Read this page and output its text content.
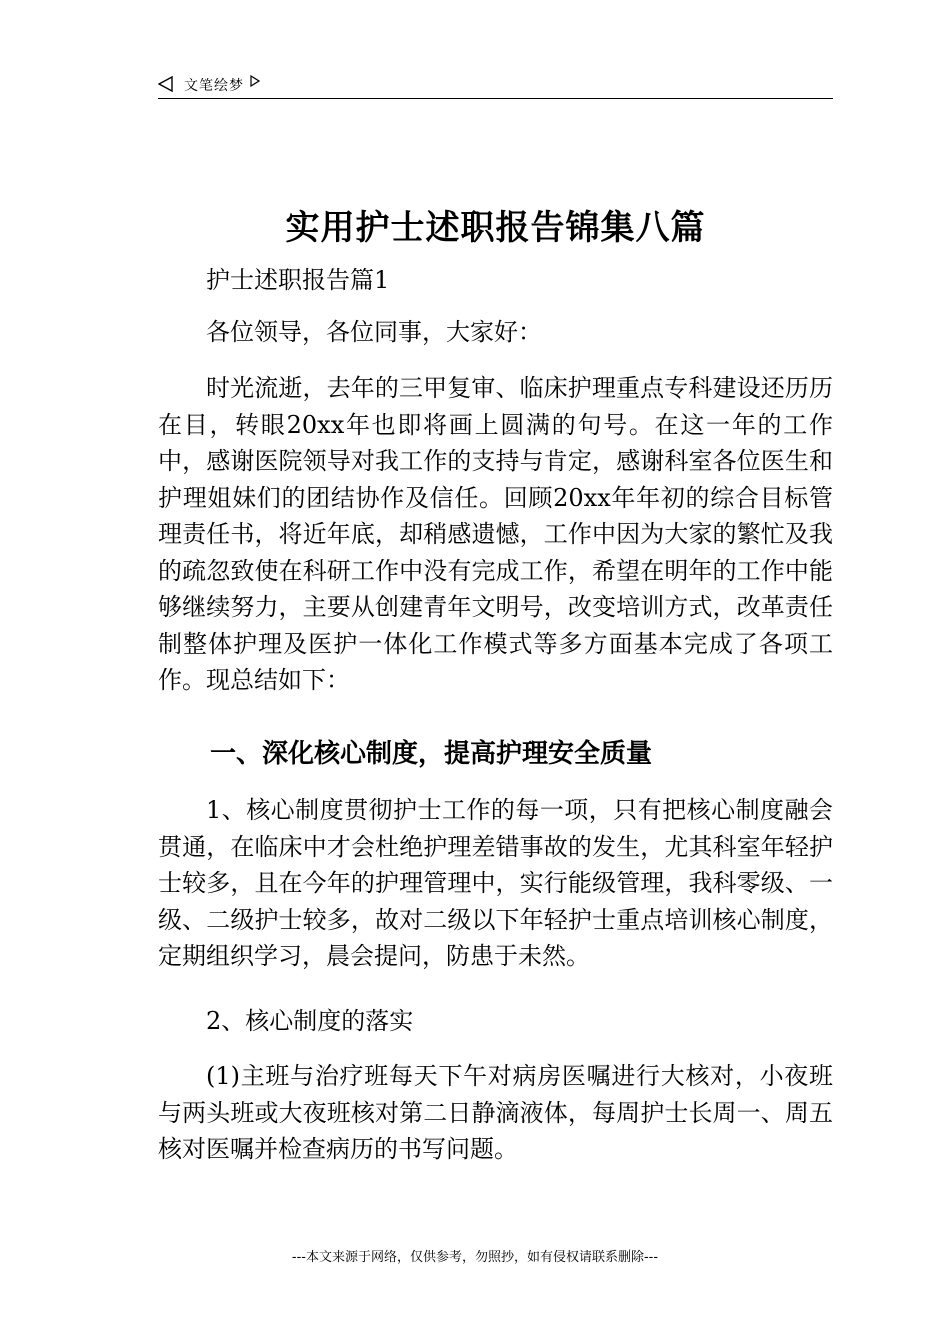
文笔绘梦
实用护士述职报告锦集八篇

护士述职报告篇1

各位领导，各位同事，大家好：

时光流逝，去年的三甲复审、临床护理重点专科建设还历历在目，转眼20xx年也即将画上圆满的句号。在这一年的工作中，感谢医院领导对我工作的支持与肯定，感谢科室各位医生和护理姐妹们的团结协作及信任。回顾20xx年年初的综合目标管理责任书，将近年底，却稍感遗憾，工作中因为大家的繁忙及我的疏忽致使在科研工作中没有完成工作，希望在明年的工作中能够继续努力，主要从创建青年文明号，改变培训方式，改革责任制整体护理及医护一体化工作模式等多方面基本完成了各项工作。现总结如下：

一、深化核心制度，提高护理安全质量

1、核心制度贯彻护士工作的每一项，只有把核心制度融会贯通，在临床中才会杜绝护理差错事故的发生，尤其科室年轻护士较多，且在今年的护理管理中，实行能级管理，我科零级、一级、二级护士较多，故对二级以下年轻护士重点培训核心制度，定期组织学习，晨会提问，防患于未然。

2、核心制度的落实

(1)主班与治疗班每天下午对病房医嘱进行大核对，小夜班与两头班或大夜班核对第二日静滴液体，每周护士长周一、周五核对医嘱并检查病历的书写问题。

---本文来源于网络，仅供参考，勿照抄，如有侵权请联系删除---
